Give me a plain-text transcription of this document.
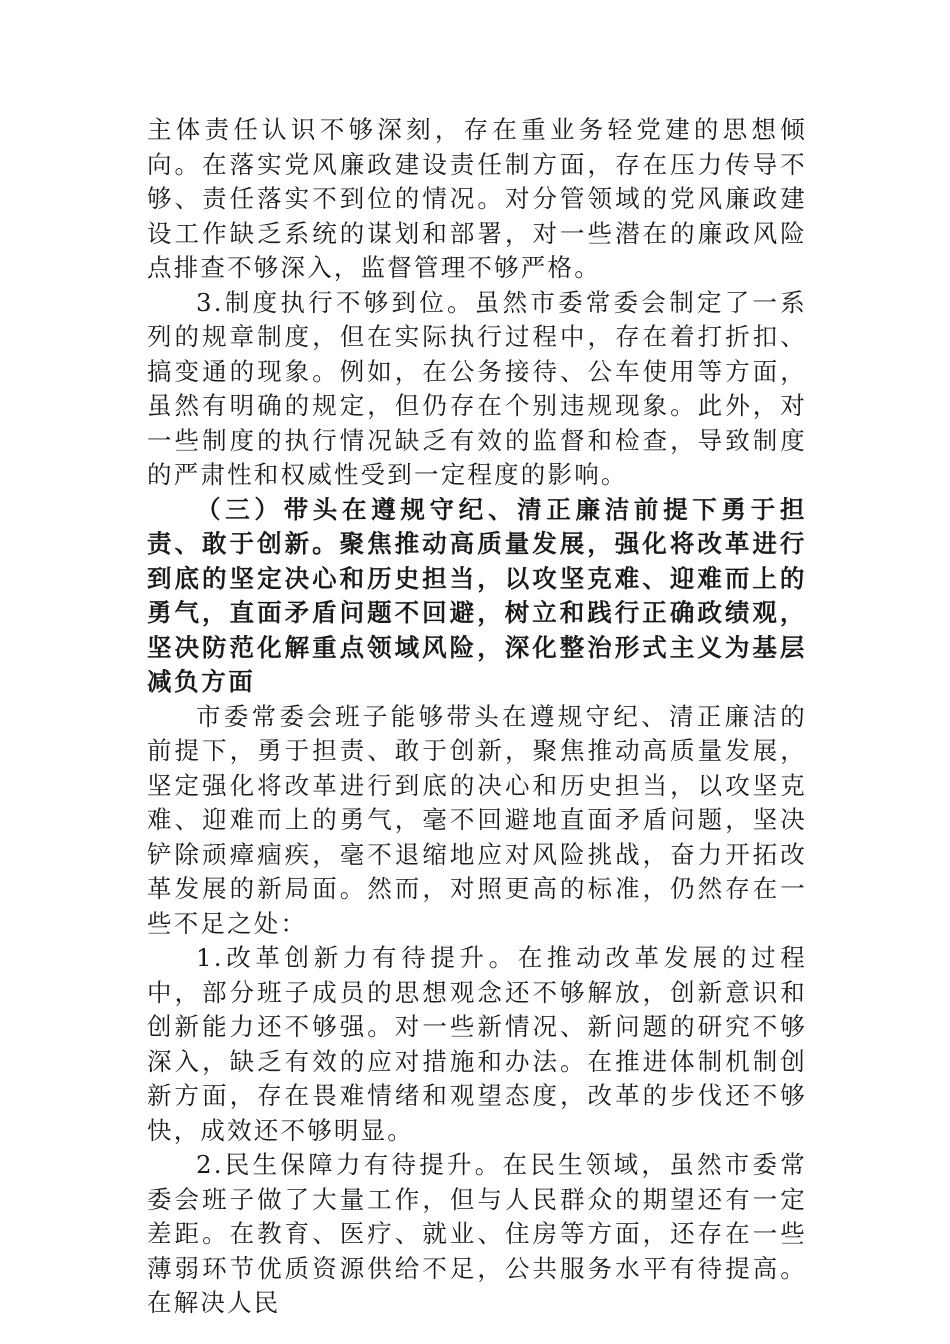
主体责任认识不够深刻，存在重业务轻党建的思想倾向。在落实党风廉政建设责任制方面，存在压力传导不够、责任落实不到位的情况。对分管领域的党风廉政建设工作缺乏系统的谋划和部署，对一些潜在的廉政风险点排查不够深入，监督管理不够严格。

3.制度执行不够到位。虽然市委常委会制定了一系列的规章制度，但在实际执行过程中，存在着打折扣、搞变通的现象。例如，在公务接待、公车使用等方面，虽然有明确的规定，但仍存在个别违规现象。此外，对一些制度的执行情况缺乏有效的监督和检查，导致制度的严肃性和权威性受到一定程度的影响。

（三）带头在遵规守纪、清正廉洁前提下勇于担责、敢于创新。聚焦推动高质量发展，强化将改革进行到底的坚定决心和历史担当，以攻坚克难、迎难而上的勇气，直面矛盾问题不回避，树立和践行正确政绩观，坚决防范化解重点领域风险，深化整治形式主义为基层减负方面

市委常委会班子能够带头在遵规守纪、清正廉洁的前提下，勇于担责、敢于创新，聚焦推动高质量发展，坚定强化将改革进行到底的决心和历史担当，以攻坚克难、迎难而上的勇气，毫不回避地直面矛盾问题，坚决铲除顽瘴痼疾，毫不退缩地应对风险挑战，奋力开拓改革发展的新局面。然而，对照更高的标准，仍然存在一些不足之处：

1.改革创新力有待提升。在推动改革发展的过程中，部分班子成员的思想观念还不够解放，创新意识和创新能力还不够强。对一些新情况、新问题的研究不够深入，缺乏有效的应对措施和办法。在推进体制机制创新方面，存在畏难情绪和观望态度，改革的步伐还不够快，成效还不够明显。

2.民生保障力有待提升。在民生领域，虽然市委常委会班子做了大量工作，但与人民群众的期望还有一定差距。在教育、医疗、就业、住房等方面，还存在一些薄弱环节优质资源供给不足，公共服务水平有待提高。在解决人民
